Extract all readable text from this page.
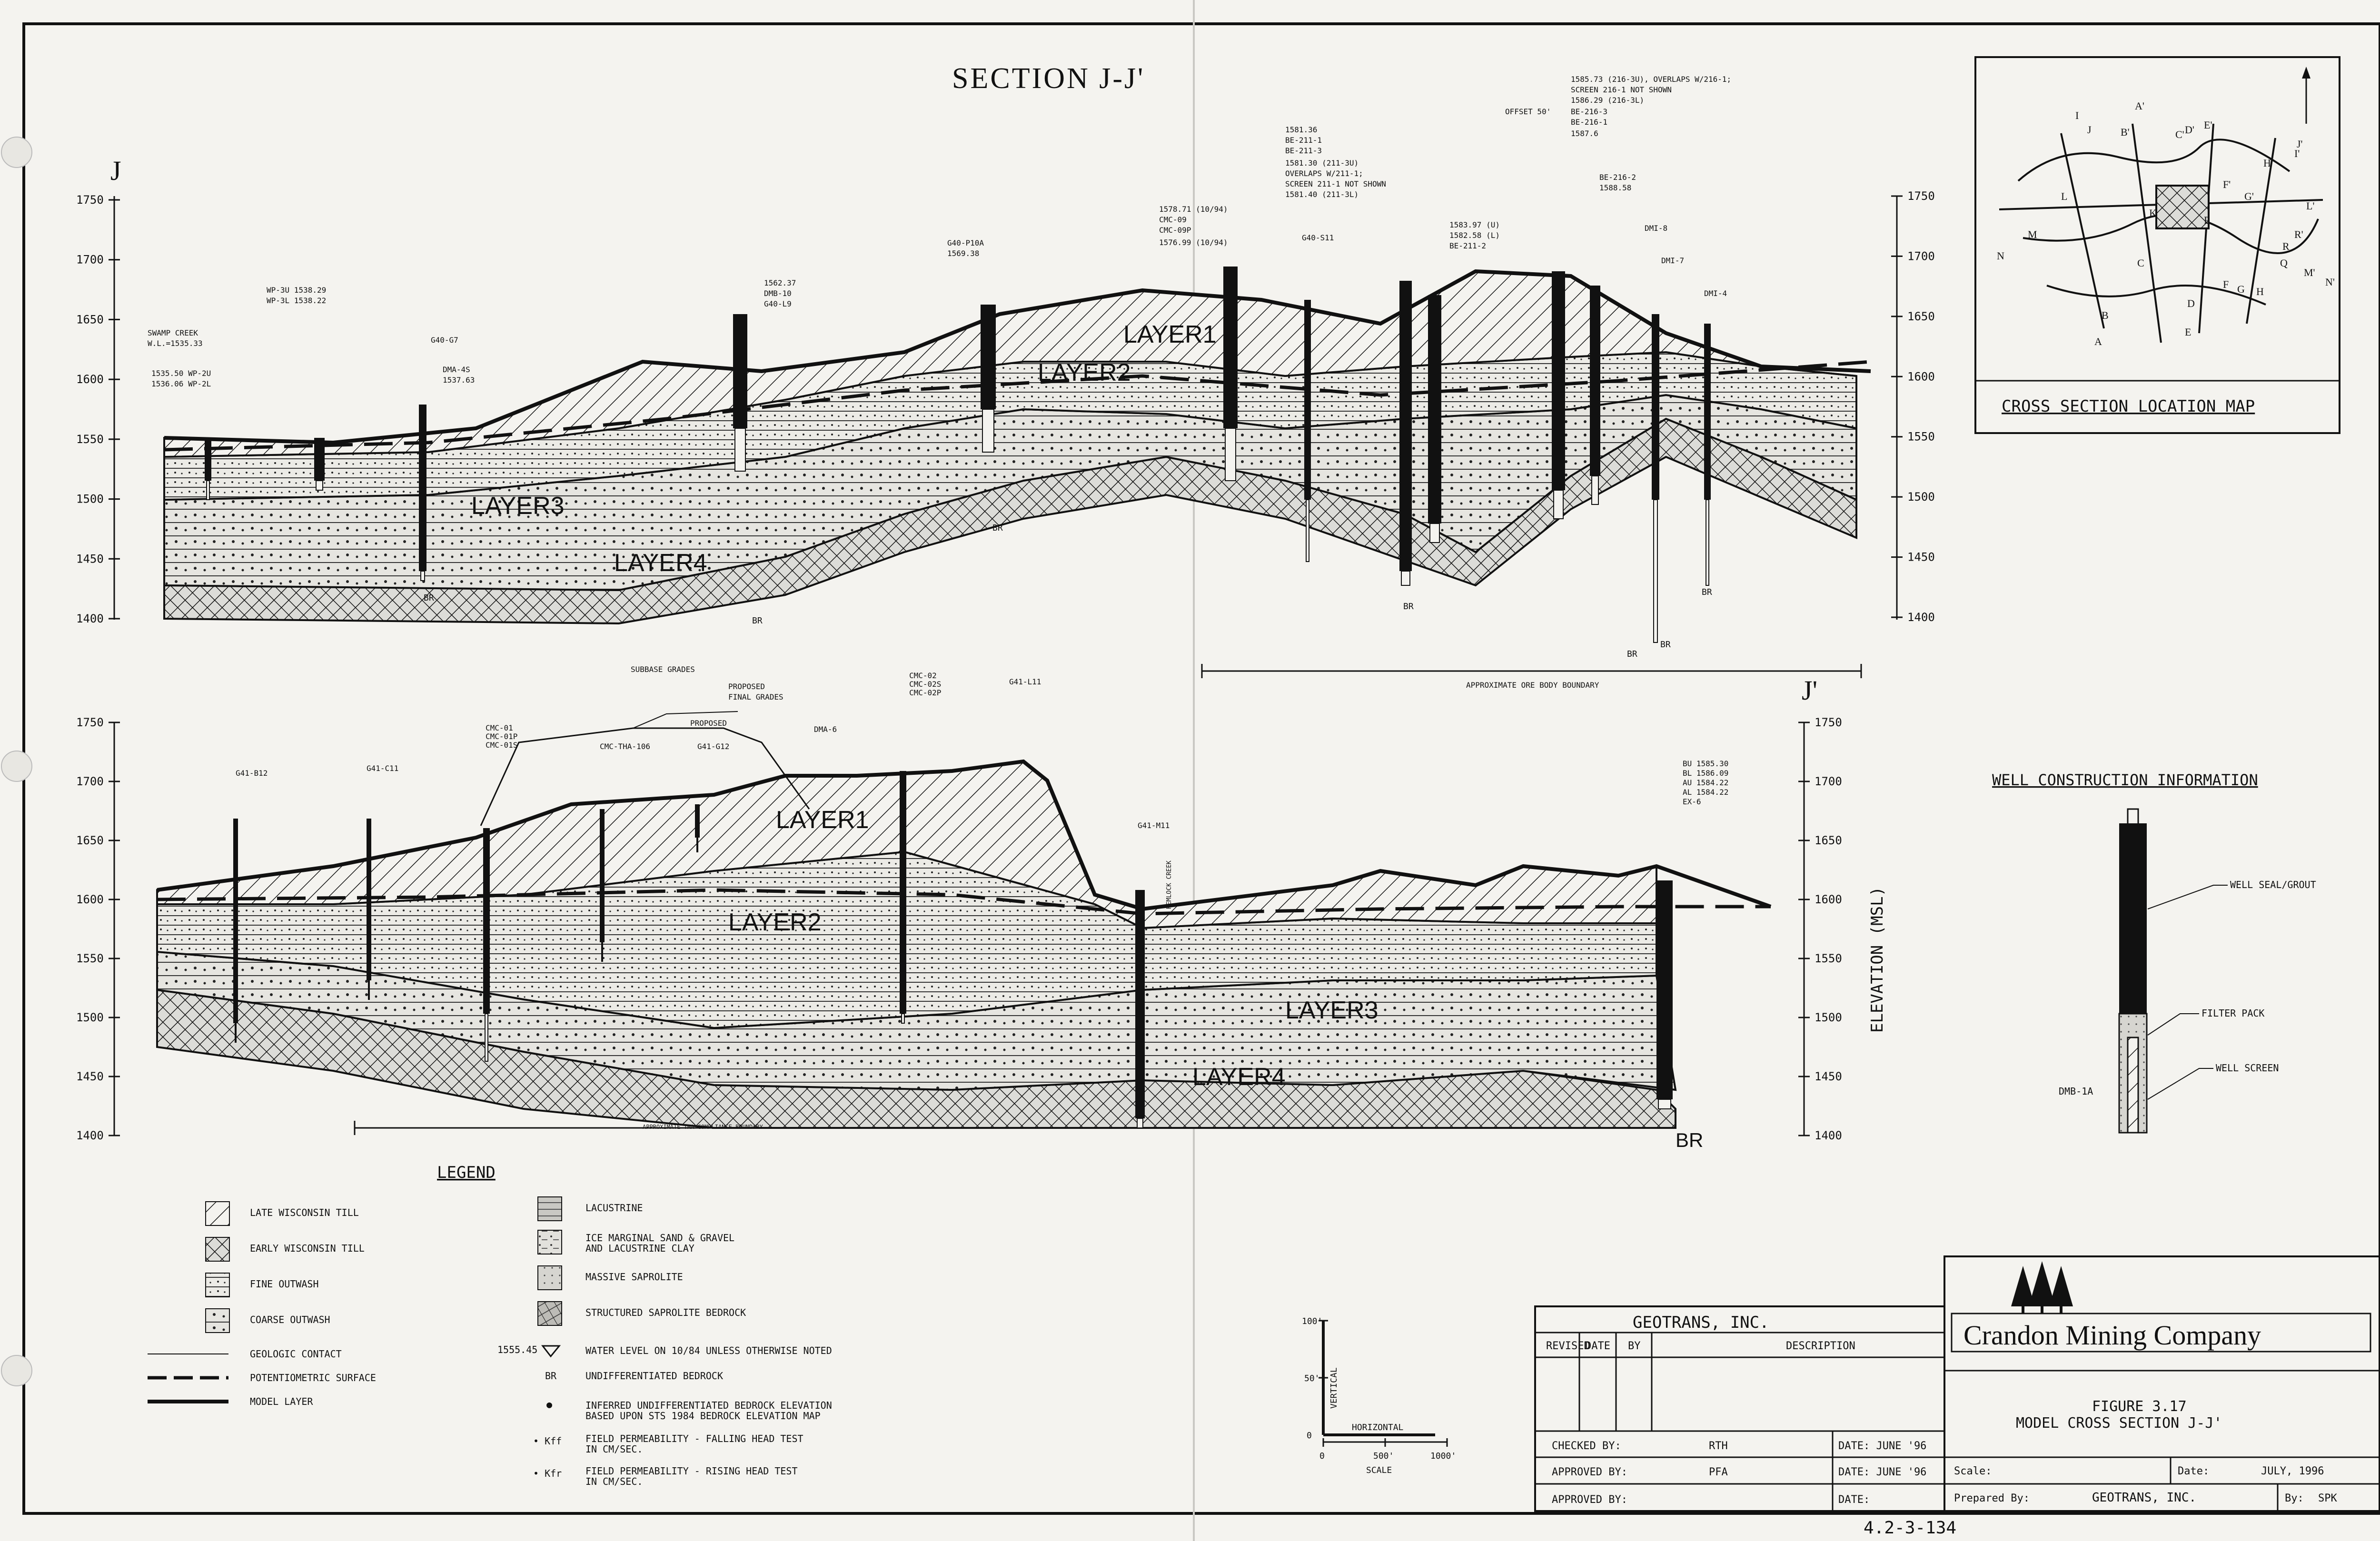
SECTION J-J'
J
J'
1750
1700
1650
1600
1550
1500
1450
1400
1750
1700
1650
1600
1550
1500
1450
1400
LAYER1
LAYER2
LAYER3
LAYER4
WP-3U 1538.29
WP-3L 1538.22
SWAMP CREEK
W.L.=1535.33
1535.50 WP-2U
1536.06 WP-2L
G40-G7
DMA-4S
1537.63
1562.37
DMB-10
G40-L9
G40-P10A
1569.38
1578.71 (10/94)
CMC-09
CMC-09P
1576.99 (10/94)
G40-S11
1581.36
BE-211-1
BE-211-3
1581.30 (211-3U)
OVERLAPS W/211-1;
SCREEN 211-1 NOT SHOWN
1581.40 (211-3L)
1583.97 (U)
1582.58 (L)
BE-211-2
1585.73 (216-3U), OVERLAPS W/216-1;
SCREEN 216-1 NOT SHOWN
1586.29 (216-3L)
OFFSET 50'	BE-216-3
BE-216-1
1587.6
BE-216-2
1588.58
DMI-8
DMI-7
DMI-4
BR
BR
BR
BR
BR
BR
BR
APPROXIMATE ORE BODY BOUNDARY
1750
1700
1650
1600
1550
1500
1450
1400
1750
1700
1650
1600
1550
1500
1450
1400
ELEVATION (MSL)
SUBBASE GRADES
PROPOSED
FINAL GRADES
PROPOSED
LAYER1
LAYER2
LAYER3
LAYER4
G41-B12
G41-C11
CMC-01
CMC-01P
CMC-01S	CMC-THA-106	G41-G12
DMA-6
CMC-02
CMC-02S
CMC-02P
G41-L11
G41-M11
BU 1585.30
BL 1586.09
AU 1584.22
AL 1584.22
EX-6
HEMLOCK CREEK
APPROXIMATE TMA COMPLIANCE BOUNDARY
BR
A
A'
B
B'
C
C'
D
D'
E
E'
F
F'
G
G'
H
H'
I
I'
J
J'
K
L
L'
M
M'
N
N'
P
Q
R
R'
CROSS SECTION LOCATION MAP
WELL CONSTRUCTION INFORMATION
WELL SEAL/GROUT
FILTER PACK
WELL SCREEN
DMB-1A
LEGEND
LATE WISCONSIN TILL
EARLY WISCONSIN TILL
FINE OUTWASH
COARSE OUTWASH
GEOLOGIC CONTACT
POTENTIOMETRIC SURFACE
MODEL LAYER
LACUSTRINE
ICE MARGINAL SAND & GRAVEL
AND LACUSTRINE CLAY
MASSIVE SAPROLITE
STRUCTURED SAPROLITE BEDROCK
1555.45	WATER LEVEL ON 10/84 UNLESS OTHERWISE NOTED
BR	UNDIFFERENTIATED BEDROCK
●	INFERRED UNDIFFERENTIATED BEDROCK ELEVATION
BASED UPON STS 1984 BEDROCK ELEVATION MAP
• Kff FIELD PERMEABILITY - FALLING HEAD TEST
IN CM/SEC.
• Kfr FIELD PERMEABILITY - RISING HEAD TEST
IN CM/SEC.
100'
50'
0
VERTICAL
HORIZONTAL
0	500'	1000'
SCALE
GEOTRANS, INC.
REVISED
DATE BY	DESCRIPTION
CHECKED BY:	RTH	DATE: JUNE '96
APPROVED BY:	PFA	DATE: JUNE '96
APPROVED BY:	DATE:
Crandon Mining Company
FIGURE 3.17
MODEL CROSS SECTION J-J'
Scale:	Date:	JULY, 1996
Prepared By:	GEOTRANS, INC.	By: SPK
4.2-3-134
